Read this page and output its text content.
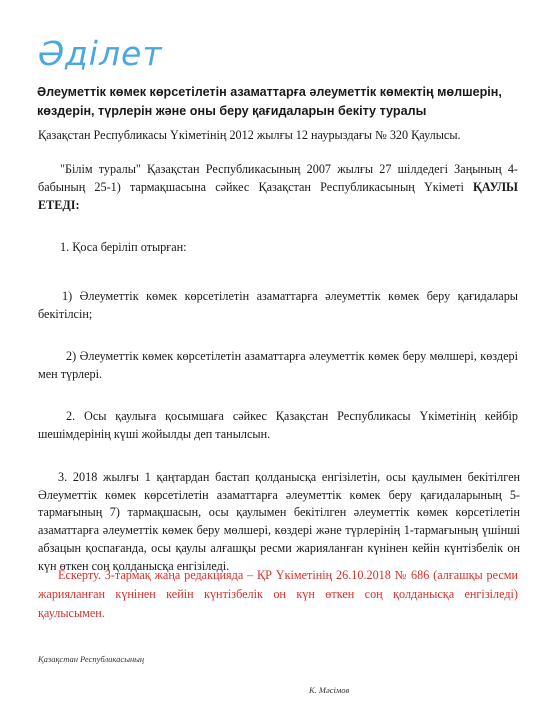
Әді лет
Әлеуметтік көмек көрсетілетін азаматтарға әлеуметтік көмектің мөлшерін, көздерін, түрлерін және оны беру қағидаларын бекіту туралы
Қазақстан Республикасы Үкіметінің 2012 жылғы 12 наурыздағы № 320 Қаулысы.
"Білім туралы" Қазақстан Республикасының 2007 жылғы 27 шілдедегі Заңының 4-бабының 25-1) тармақшасына сәйкес Қазақстан Республикасының Үкіметі ҚАУЛЫ ЕТЕДІ:
1. Қоса беріліп отырған:
1) Әлеуметтік көмек көрсетілетін азаматтарға әлеуметтік көмек беру қағидалары бекітілсін;
2) Әлеуметтік көмек көрсетілетін азаматтарға әлеуметтік көмек беру мөлшері, көздері мен түрлері.
2. Осы қаулыға қосымшаға сәйкес Қазақстан Республикасы Үкіметінің кейбір шешімдерінің күші жойылды деп танылсын.
3. 2018 жылғы 1 қаңтардан бастап қолданысқа енгізілетін, осы қаулымен бекітілген Әлеуметтік көмек көрсетілетін азаматтарға әлеуметтік көмек беру қағидаларының 5-тармағының 7) тармақшасын, осы қаулымен бекітілген әлеуметтік көмек көрсетілетін азаматтарға әлеуметтік көмек беру мөлшері, көздері және түрлерінің 1-тармағының үшінші абзацын қоспағанда, осы қаулы алғашқы ресми жарияланған күнінен кейін күнтізбелік он күн өткен соң қолданысқа енгізіледі.
Ескерту. 3-тармақ жаңа редакцияда – ҚР Үкіметінің 26.10.2018 № 686 (алғашқы ресми жарияланған күнінен кейін күнтізбелік он күн өткен соң қолданысқа енгізіледі) қаулысымен.
Қазақстан Республикасының
К. Мәсімов
